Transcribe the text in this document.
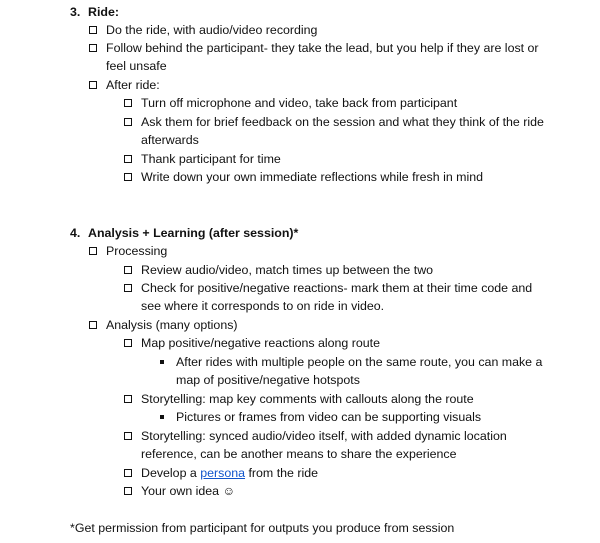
3. Ride:
Do the ride, with audio/video recording
Follow behind the participant- they take the lead, but you help if they are lost or
feel unsafe
After ride:
Turn off microphone and video, take back from participant
Ask them for brief feedback on the session and what they think of the ride
afterwards
Thank participant for time
Write down your own immediate reflections while fresh in mind
4. Analysis + Learning (after session)*
Processing
Review audio/video, match times up between the two
Check for positive/negative reactions- mark them at their time code and
see where it corresponds to on ride in video.
Analysis (many options)
Map positive/negative reactions along route
After rides with multiple people on the same route, you can make a
map of positive/negative hotspots
Storytelling: map key comments with callouts along the route
Pictures or frames from video can be supporting visuals
Storytelling: synced audio/video itself, with added dynamic location
reference, can be another means to share the experience
Develop a persona from the ride
Your own idea ☺
*Get permission from participant for outputs you produce from session
